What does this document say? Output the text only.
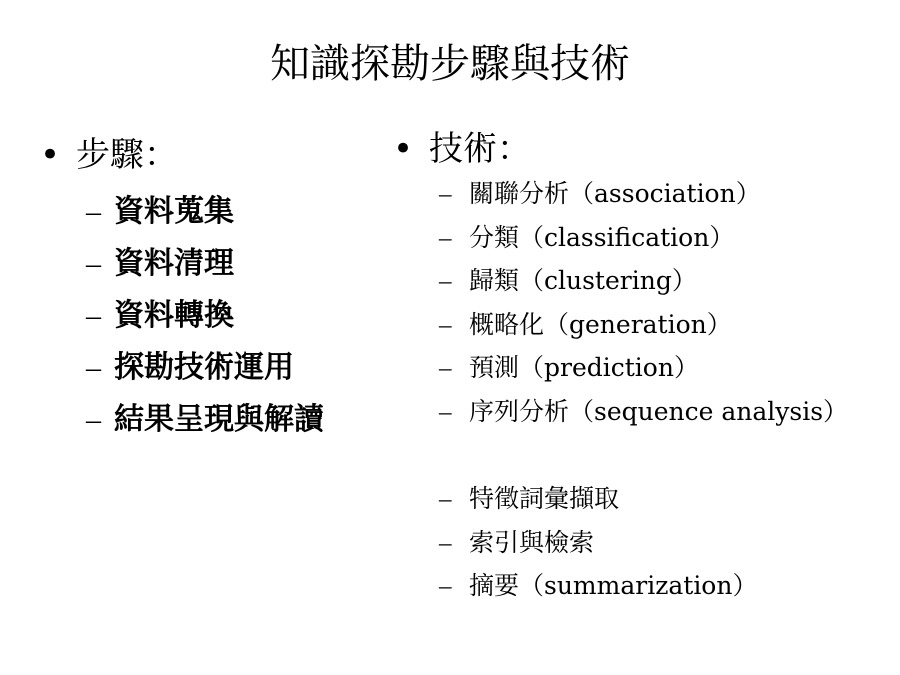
知識探勘步驟與技術
• 步驟：
– 資料蒐集
– 資料清理
– 資料轉換
– 探勘技術運用
– 結果呈現與解讀
• 技術：
– 關聯分析（association）
– 分類（classification）
– 歸類（clustering）
– 概略化（generation）
– 預測（prediction）
– 序列分析（sequence analysis）
– 特徵詞彙擷取
– 索引與檢索
– 摘要（summarization）
